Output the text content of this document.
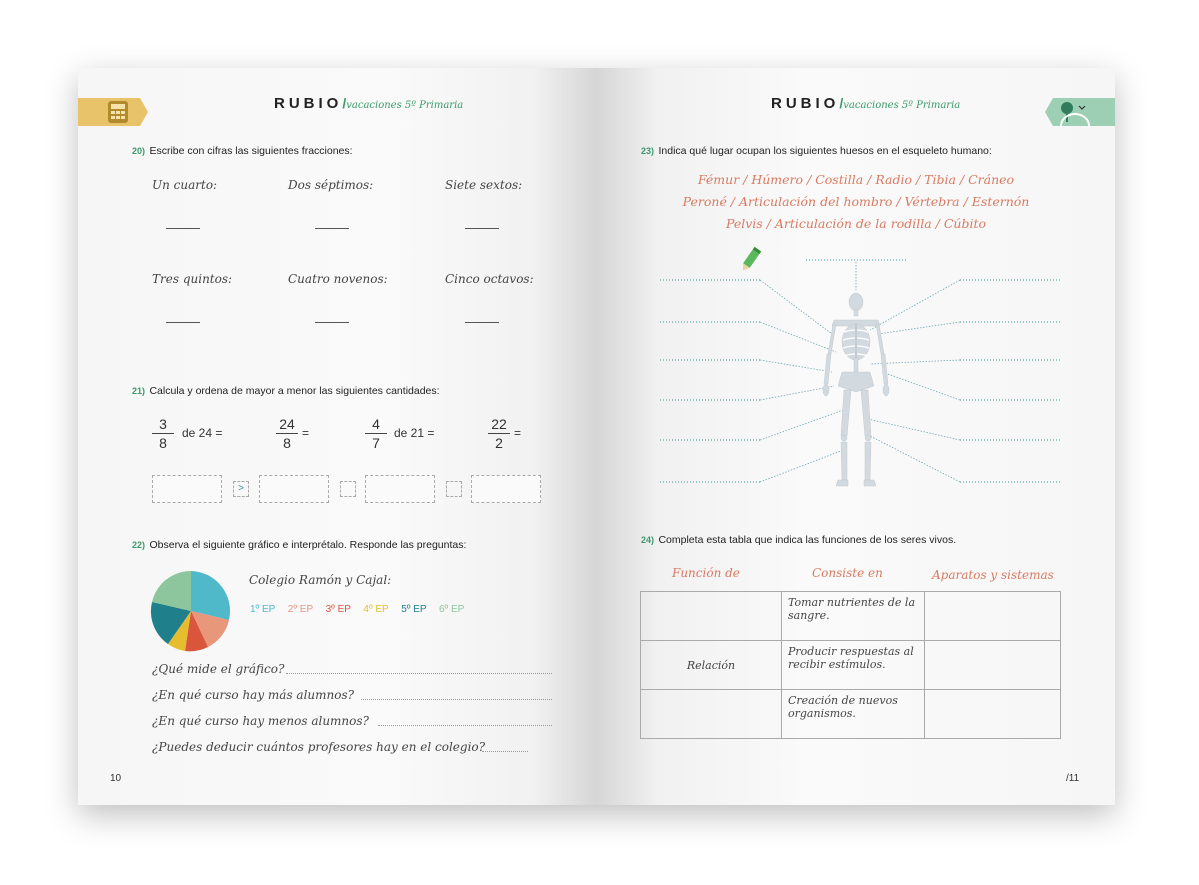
RUBIO/vacaciones 5º Primaria
20) Escribe con cifras las siguientes fracciones:
Un cuarto:	Dos séptimos:	Siete sextos:
Tres quintos:	Cuatro novenos:	Cinco octavos:
21) Calcula y ordena de mayor a menor las siguientes cantidades:
3
8
de 24 =
24
8
=
4
7
de 21 =
22
2
=
>
22) Observa el siguiente gráfico e interprétalo. Responde las preguntas:
Colegio Ramón y Cajal:
1º EP 2º EP 3º EP 4º EP 5º EP 6º EP
¿Qué mide el gráfico?
¿En qué curso hay más alumnos?
¿En qué curso hay menos alumnos?
¿Puedes deducir cuántos profesores hay en el colegio?
10
RUBIO/vacaciones 5º Primaria
23) Indica qué lugar ocupan los siguientes huesos en el esqueleto humano:
Fémur / Húmero / Costilla / Radio / Tibia / Cráneo
Peroné / Articulación del hombro / Vértebra / Esternón
Pelvis / Articulación de la rodilla / Cúbito
24) Completa esta tabla que indica las funciones de los seres vivos.
Función de	Consiste en	Aparatos y sistemas
	Tomar nutrientes de la sangre.	
Relación	Producir respuestas al recibir estímulos.	
	Creación de nuevos organismos.	
/11
